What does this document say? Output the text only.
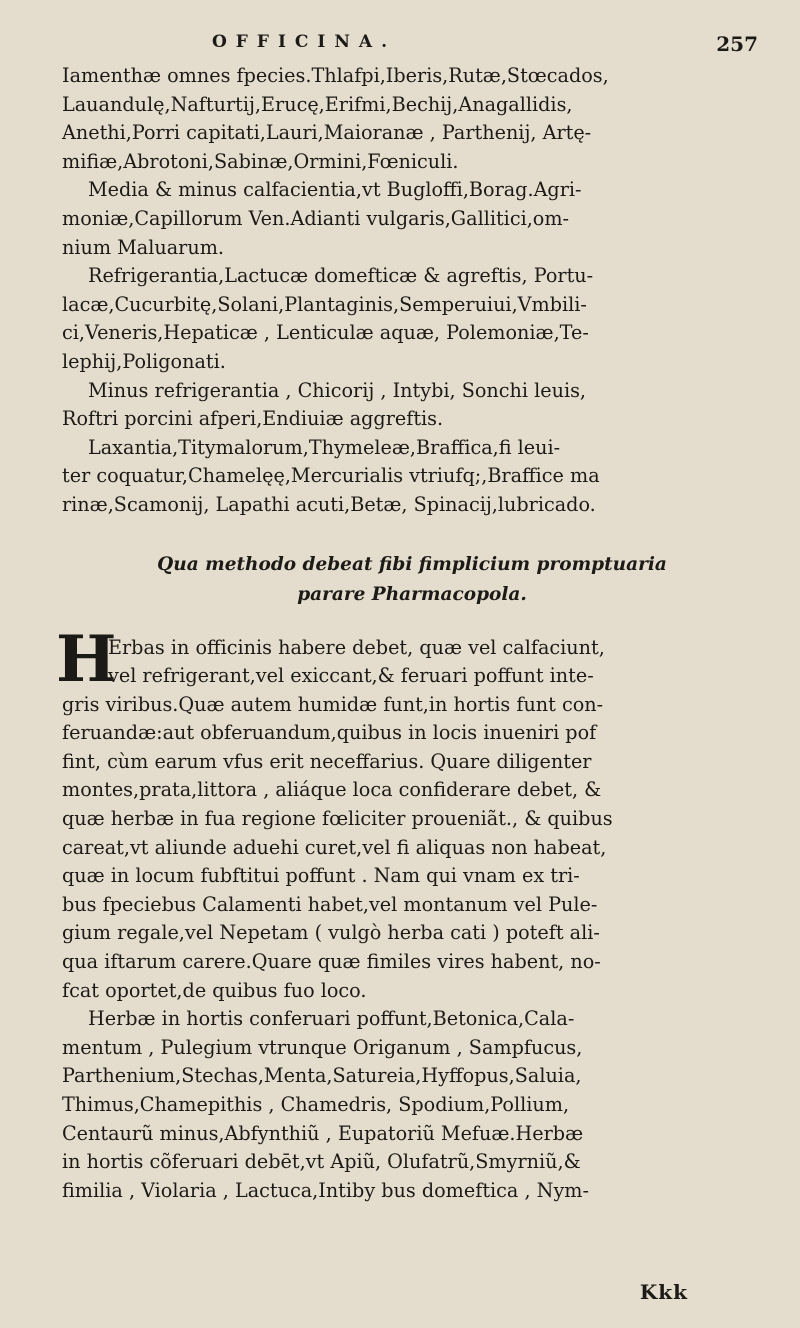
OFFICINA.	257

Iamenthæ omnes fpecies.Thlafpi,Iberis,Rutæ,Stœcados,
Lauandulę,Nafturtij,Erucę,Erifmi,Bechij,Anagallidis,
Anethi,Porri capitati,Lauri,Maioranæ , Parthenij, Artę-
mifiæ,Abrotoni,Sabinæ,Ormini,Fœniculi.

Media & minus calfacientia,vt Bugloffi,Borag.Agri-
moniæ,Capillorum Ven.Adianti vulgaris,Gallitici,om-
nium Maluarum.

Refrigerantia,Lactucæ domefticæ & agreftis, Portu-
lacæ,Cucurbitę,Solani,Plantaginis,Semperuiui,Vmbili-
ci,Veneris,Hepaticæ , Lenticulæ aquæ, Polemoniæ,Te-
lephij,Poligonati.

Minus refrigerantia , Chicorij , Intybi, Sonchi leuis,
Roftri porcini afperi,Endiuiæ aggreftis.

Laxantia,Titymalorum,Thymeleæ,Braffica,fi leui-
ter coquatur,Chamelęę,Mercurialis vtriufq;,Braffice ma
rinæ,Scamonij, Lapathi acuti,Betæ, Spinacij,lubricado.

Qua methodo debeat fibi fimplicium promptuaria
parare Pharmacopola.

H
Erbas in officinis habere debet, quæ vel calfaciunt,
vel refrigerant,vel exiccant,& feruari poffunt inte-
gris viribus.Quæ autem humidæ funt,in hortis funt con-
feruandæ:aut obferuandum,quibus in locis inueniri pof
fint, cùm earum vfus erit neceffarius. Quare diligenter
montes,prata,littora , aliáque loca confiderare debet, &
quæ herbæ in fua regione fœliciter proueniãt., & quibus
careat,vt aliunde aduehi curet,vel fi aliquas non habeat,
quæ in locum fubftitui poffunt . Nam qui vnam ex tri-
bus fpeciebus Calamenti habet,vel montanum vel Pule-
gium regale,vel Nepetam ( vulgò herba cati ) poteft ali-
qua iftarum carere.Quare quæ fimiles vires habent, no-
fcat oportet,de quibus fuo loco.

Herbæ in hortis conferuari poffunt,Betonica,Cala-
mentum , Pulegium vtrunque Origanum , Sampfucus,
Parthenium,Stechas,Menta,Satureia,Hyffopus,Saluia,
Thimus,Chamepithis , Chamedris, Spodium,Pollium,
Centaurũ minus,Abfynthiũ , Eupatoriũ Mefuæ.Herbæ
in hortis cõferuari debēt,vt Apiũ, Olufatrũ,Smyrniũ,&
fimilia , Violaria , Lactuca,Intiby bus domeftica , Nym-

Kkk
